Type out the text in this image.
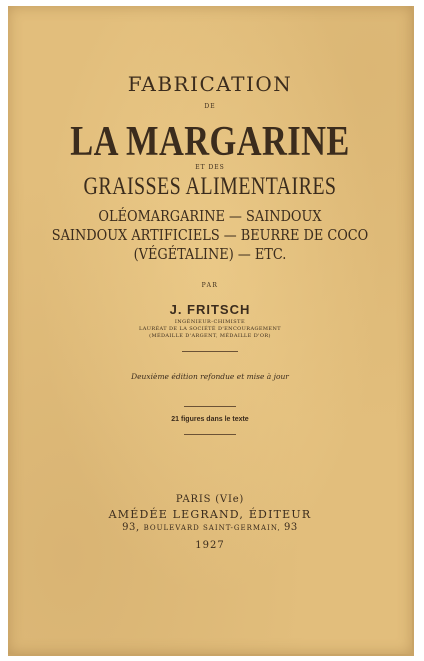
FABRICATION
DE
LA MARGARINE
ET DES
GRAISSES ALIMENTAIRES
OLÉOMARGARINE — SAINDOUX
SAINDOUX ARTIFICIELS — BEURRE DE COCO
(VÉGÉTALINE) — ETC.
PAR
J. FRITSCH
INGÉNIEUR-CHIMISTE
LAURÉAT DE LA SOCIÉTÉ D'ENCOURAGEMENT
(MÉDAILLE D'ARGENT, MÉDAILLE D'OR)
Deuxième édition refondue et mise à jour
21 figures dans le texte
PARIS (VIe)
AMÉDÉE LEGRAND, ÉDITEUR
93, BOULEVARD SAINT-GERMAIN, 93
1927
